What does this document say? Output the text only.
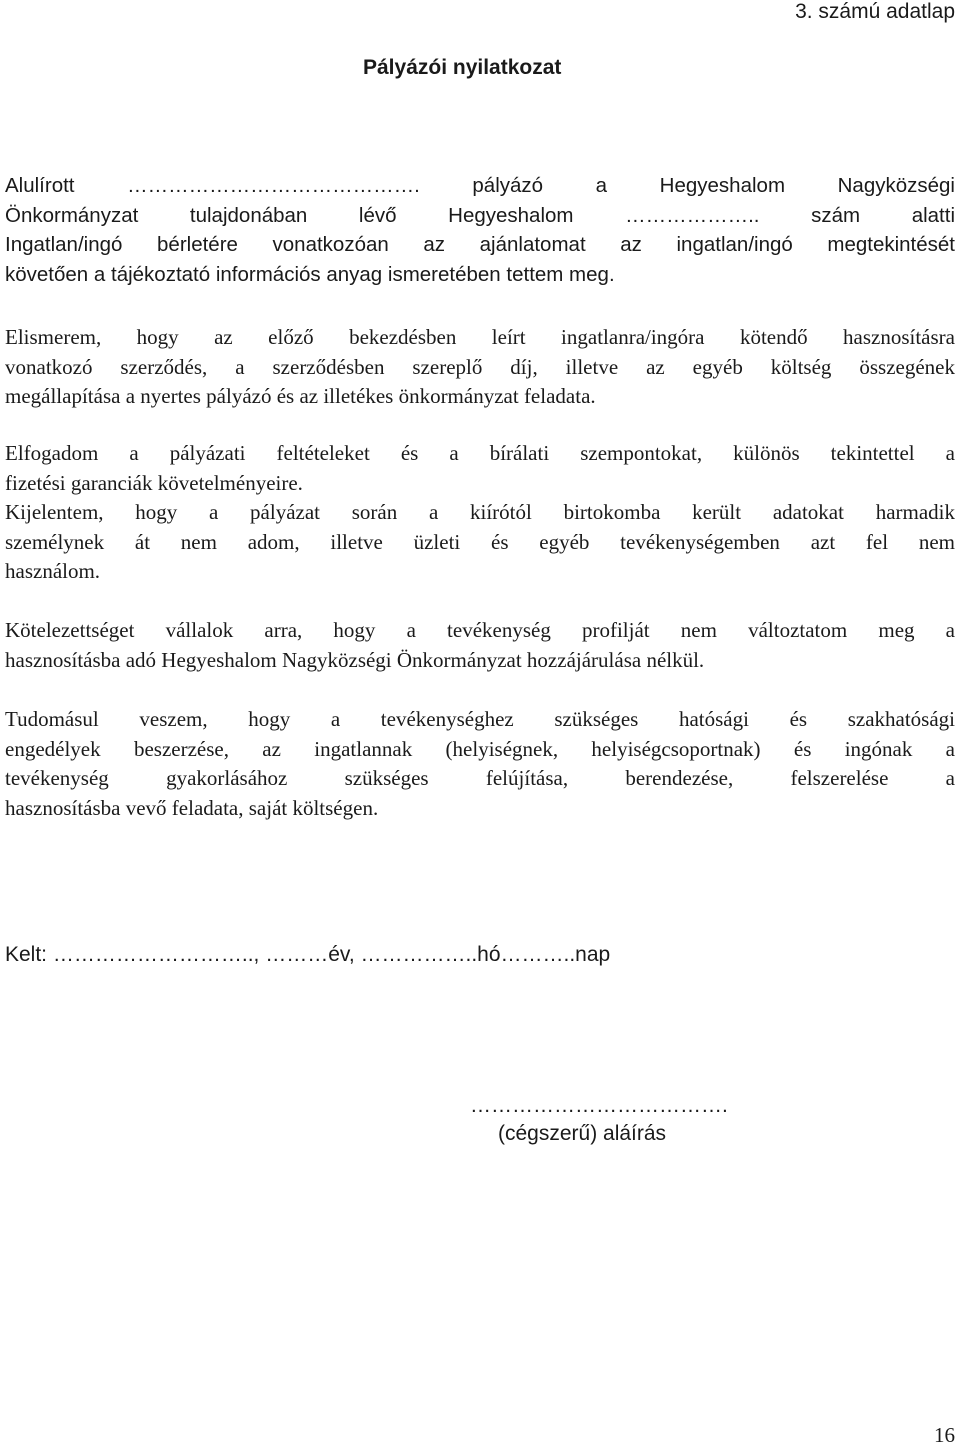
3. számú adatlap
Pályázói nyilatkozat
Alulírott ……………………………………. pályázó a Hegyeshalom Nagyközségi
Önkormányzat tulajdonában lévő Hegyeshalom ……………….. szám alatti
Ingatlan/ingó bérletére vonatkozóan az ajánlatomat az ingatlan/ingó megtekintését
követően a tájékoztató információs anyag ismeretében tettem meg.
Elismerem, hogy az előző bekezdésben leírt ingatlanra/ingóra kötendő hasznosításra
vonatkozó szerződés, a szerződésben szereplő díj, illetve az egyéb költség összegének
megállapítása a nyertes pályázó és az illetékes önkormányzat feladata.
Elfogadom a pályázati feltételeket és a bírálati szempontokat, különös tekintettel a
fizetési garanciák követelményeire.
Kijelentem, hogy a pályázat során a kiírótól birtokomba került adatokat harmadik
személynek át nem adom, illetve üzleti és egyéb tevékenységemben azt fel nem
használom.
Kötelezettséget vállalok arra, hogy a tevékenység profilját nem változtatom meg a
hasznosításba adó Hegyeshalom Nagyközségi Önkormányzat hozzájárulása nélkül.
Tudomásul veszem, hogy a tevékenységhez szükséges hatósági és szakhatósági
engedélyek beszerzése, az ingatlannak (helyiségnek, helyiségcsoportnak) és ingónak a
tevékenység gyakorlásához szükséges felújítása, berendezése, felszerelése a
hasznosításba vevő feladata, saját költségen.
Kelt: ……………………….., ………év, ……………..hó………..nap
……………………………….
(cégszerű) aláírás
16
